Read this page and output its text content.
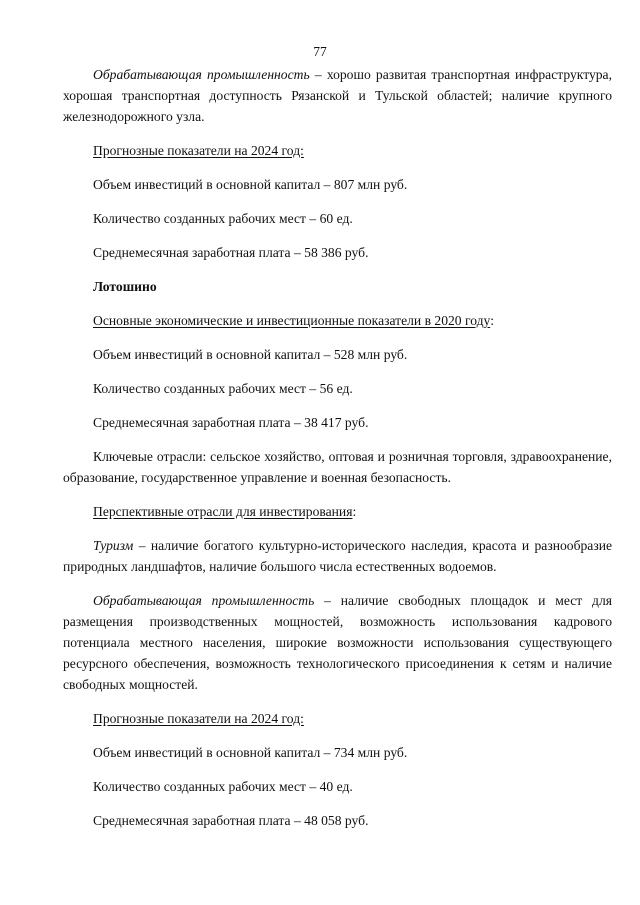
77

Обрабатывающая промышленность – хорошо развитая транспортная инфраструктура, хорошая транспортная доступность Рязанской и Тульской областей; наличие крупного железнодорожного узла.

Прогнозные показатели на 2024 год:

Объем инвестиций в основной капитал – 807 млн руб.

Количество созданных рабочих мест – 60 ед.

Среднемесячная заработная плата – 58 386 руб.

Лотошино

Основные экономические и инвестиционные показатели в 2020 году:

Объем инвестиций в основной капитал – 528 млн руб.

Количество созданных рабочих мест – 56 ед.

Среднемесячная заработная плата – 38 417 руб.

Ключевые отрасли: сельское хозяйство, оптовая и розничная торговля, здравоохранение, образование, государственное управление и военная безопасность.

Перспективные отрасли для инвестирования:

Туризм – наличие богатого культурно-исторического наследия, красота и разнообразие природных ландшафтов, наличие большого числа естественных водоемов.

Обрабатывающая промышленность – наличие свободных площадок и мест для размещения производственных мощностей, возможность использования кадрового потенциала местного населения, широкие возможности использования существующего ресурсного обеспечения, возможность технологического присоединения к сетям и наличие свободных мощностей.

Прогнозные показатели на 2024 год:

Объем инвестиций в основной капитал – 734 млн руб.

Количество созданных рабочих мест – 40 ед.

Среднемесячная заработная плата – 48 058 руб.
